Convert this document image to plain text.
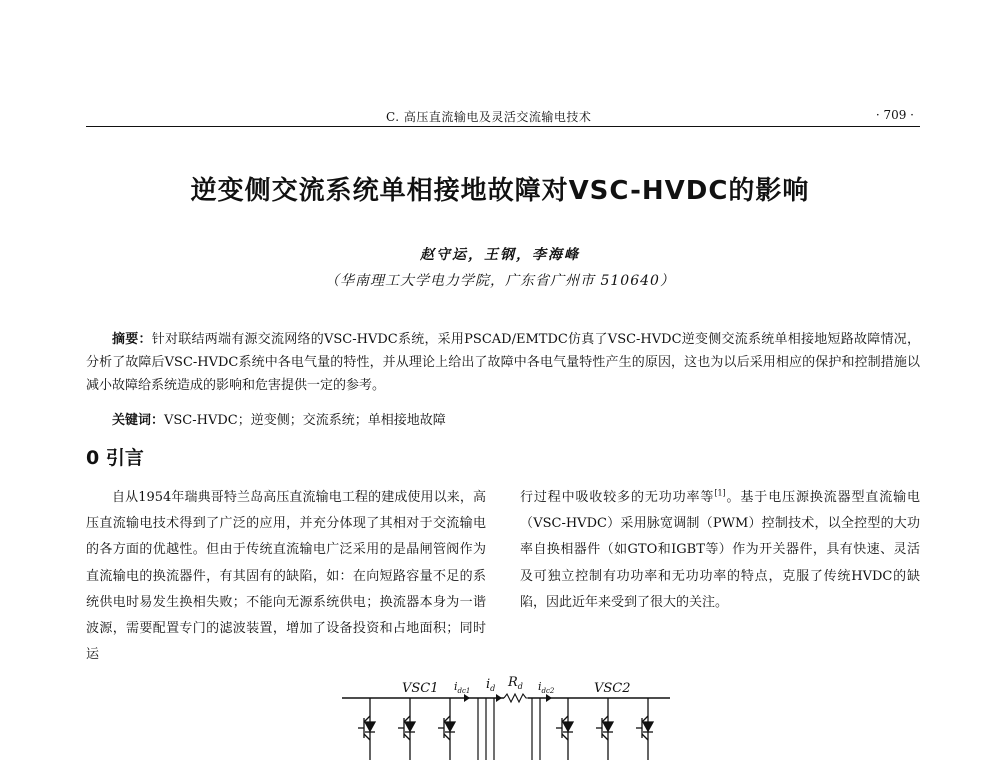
C. 高压直流输电及灵活交流输电技术	· 709 ·
逆变侧交流系统单相接地故障对VSC-HVDC的影响
赵守运，王钢，李海峰
（华南理工大学电力学院，广东省广州市 510640）
摘要：针对联结两端有源交流网络的VSC-HVDC系统，采用PSCAD/EMTDC仿真了VSC-HVDC逆变侧交流系统单相接地短路故障情况，分析了故障后VSC-HVDC系统中各电气量的特性，并从理论上给出了故障中各电气量特性产生的原因，这也为以后采用相应的保护和控制措施以减小故障给系统造成的影响和危害提供一定的参考。
关键词：VSC-HVDC；逆变侧；交流系统；单相接地故障
0 引言
自从1954年瑞典哥特兰岛高压直流输电工程的建成使用以来，高压直流输电技术得到了广泛的应用，并充分体现了其相对于交流输电的各方面的优越性。但由于传统直流输电广泛采用的是晶闸管阀作为直流输电的换流器件，有其固有的缺陷，如：在向短路容量不足的系统供电时易发生换相失败；不能向无源系统供电；换流器本身为一谐波源，需要配置专门的滤波装置，增加了设备投资和占地面积；同时运
行过程中吸收较多的无功功率等[1]。基于电压源换流器型直流输电（VSC-HVDC）采用脉宽调制（PWM）控制技术，以全控型的大功率自换相器件（如GTO和IGBT等）作为开关器件，具有快速、灵活及可独立控制有功功率和无功功率的特点，克服了传统HVDC的缺陷，因此近年来受到了很大的关注。
VSC1 $i_{dc1}$ $i_d$ $R_d$ $i_{dc2}$	VSC2
